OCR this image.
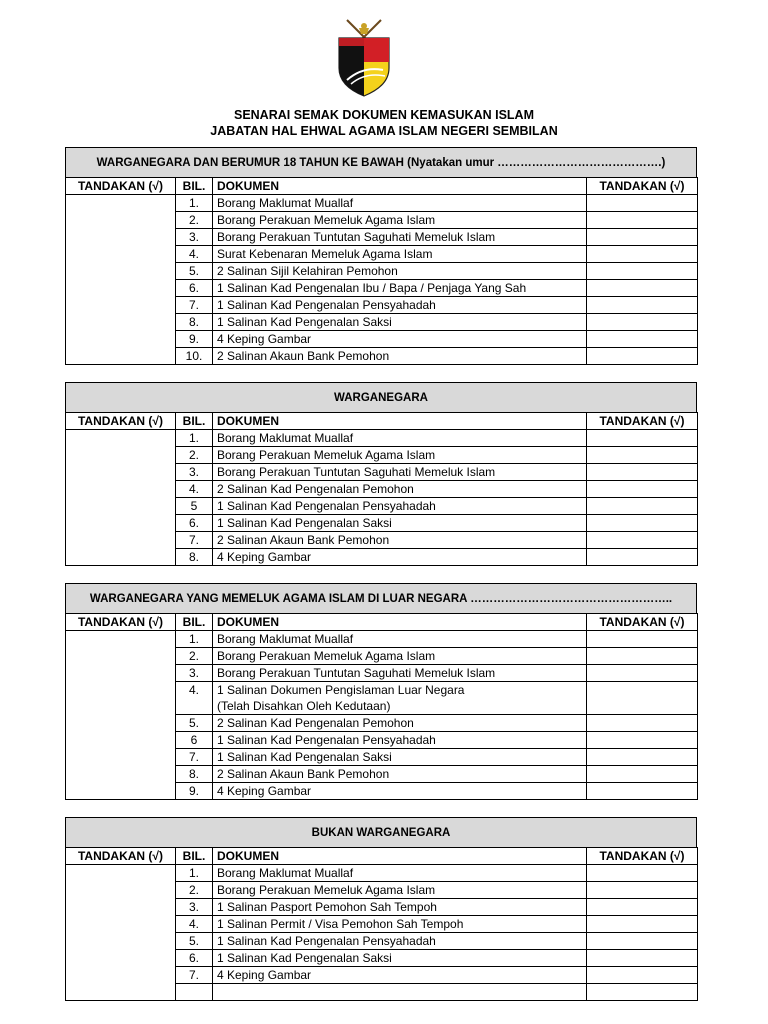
SENARAI SEMAK DOKUMEN KEMASUKAN ISLAM
JABATAN HAL EHWAL AGAMA ISLAM NEGERI SEMBILAN
WARGANEGARA DAN BERUMUR 18 TAHUN KE BAWAH (Nyatakan umur …………………………………….)
TANDAKAN (√)	BIL.	DOKUMEN	TANDAKAN (√)
	1.	Borang Maklumat Muallaf	

	2.	Borang Perakuan Memeluk Agama Islam	

	3.	Borang Perakuan Tuntutan Saguhati Memeluk Islam	

	4.	Surat Kebenaran Memeluk Agama Islam	

	5.	2 Salinan Sijil Kelahiran Pemohon	

	6.	1 Salinan Kad Pengenalan Ibu / Bapa / Penjaga Yang Sah	

	7.	1 Salinan Kad Pengenalan Pensyahadah	

	8.	1 Salinan Kad Pengenalan Saksi	

	9.	4 Keping Gambar	

	10.	2 Salinan Akaun Bank Pemohon	

WARGANEGARA
TANDAKAN (√)	BIL.	DOKUMEN	TANDAKAN (√)
	1.	Borang Maklumat Muallaf	

	2.	Borang Perakuan Memeluk Agama Islam	

	3.	Borang Perakuan Tuntutan Saguhati Memeluk Islam	

	4.	2 Salinan Kad Pengenalan Pemohon	

	5	1 Salinan Kad Pengenalan Pensyahadah	

	6.	1 Salinan Kad Pengenalan Saksi	

	7.	2 Salinan Akaun Bank Pemohon	

	8.	4 Keping Gambar	

WARGANEGARA YANG MEMELUK AGAMA ISLAM DI LUAR NEGARA ……………………………………………..
TANDAKAN (√)	BIL.	DOKUMEN	TANDAKAN (√)
	1.	Borang Maklumat Muallaf	

	2.	Borang Perakuan Memeluk Agama Islam	

	3.	Borang Perakuan Tuntutan Saguhati Memeluk Islam	

	4.	1 Salinan Dokumen Pengislaman Luar Negara
(Telah Disahkan Oleh Kedutaan)	

	5.	2 Salinan Kad Pengenalan Pemohon	

	6	1 Salinan Kad Pengenalan Pensyahadah	

	7.	1 Salinan Kad Pengenalan Saksi	

	8.	2 Salinan Akaun Bank Pemohon	

	9.	4 Keping Gambar	

BUKAN WARGANEGARA
TANDAKAN (√)	BIL.	DOKUMEN	TANDAKAN (√)
	1.	Borang Maklumat Muallaf	

	2.	Borang Perakuan Memeluk Agama Islam	

	3.	1 Salinan Pasport Pemohon Sah Tempoh	

	4.	1 Salinan Permit / Visa Pemohon Sah Tempoh	

	5.	1 Salinan Kad Pengenalan Pensyahadah	

	6.	1 Salinan Kad Pengenalan Saksi	

	7.	4 Keping Gambar	
